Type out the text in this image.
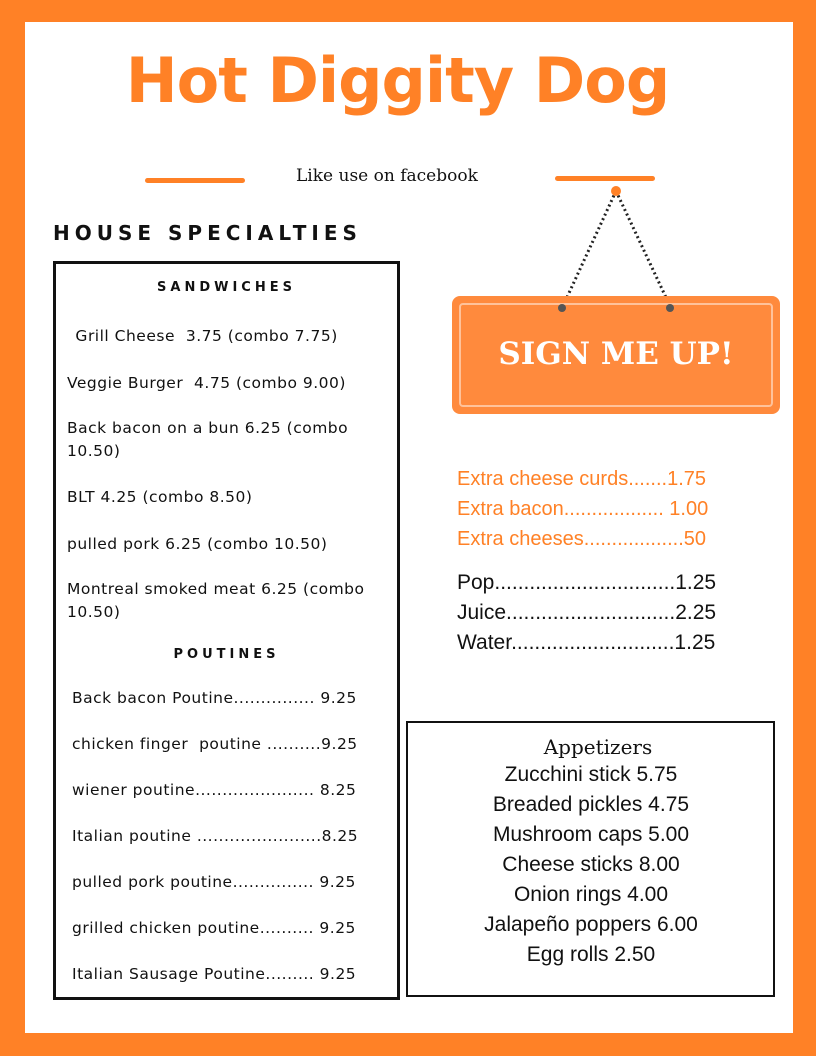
Hot Diggity Dog
Like use on facebook
HOUSE SPECIALTIES
SANDWICHES
Grill Cheese  3.75 (combo 7.75)
Veggie Burger  4.75 (combo 9.00)
Back bacon on a bun 6.25 (combo
10.50)
BLT 4.25 (combo 8.50)
pulled pork 6.25 (combo 10.50)
Montreal smoked meat 6.25 (combo
10.50)
POUTINES
Back bacon Poutine............... 9.25
chicken finger  poutine ..........9.25
wiener poutine...................... 8.25
Italian poutine .......................8.25
pulled pork poutine............... 9.25
grilled chicken poutine.......... 9.25
Italian Sausage Poutine......... 9.25
SIGN ME UP!
Extra cheese curds.......1.75
Extra bacon.................. 1.00
Extra cheeses..................50
Pop...............................1.25
Juice.............................2.25
Water............................1.25
Appetizers
Zucchini stick 5.75
Breaded pickles 4.75
Mushroom caps 5.00
Cheese sticks 8.00
Onion rings 4.00
Jalapeño poppers 6.00
Egg rolls 2.50
